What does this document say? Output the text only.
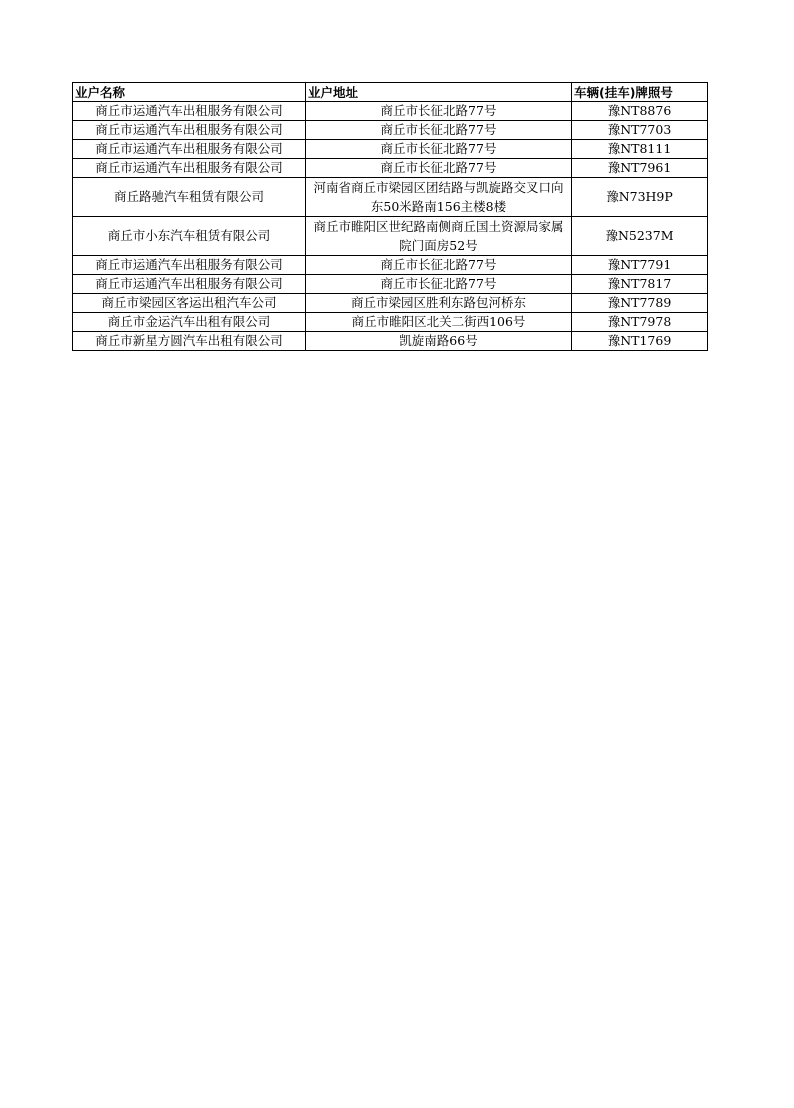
业户名称	业户地址	车辆(挂车)牌照号
商丘市运通汽车出租服务有限公司	商丘市长征北路77号	豫NT8876
商丘市运通汽车出租服务有限公司	商丘市长征北路77号	豫NT7703
商丘市运通汽车出租服务有限公司	商丘市长征北路77号	豫NT8111
商丘市运通汽车出租服务有限公司	商丘市长征北路77号	豫NT7961
商丘路驰汽车租赁有限公司	河南省商丘市梁园区团结路与凯旋路交叉口向东50米路南156主楼8楼	豫N73H9P
商丘市小东汽车租赁有限公司	商丘市睢阳区世纪路南侧商丘国土资源局家属院门面房52号	豫N5237M
商丘市运通汽车出租服务有限公司	商丘市长征北路77号	豫NT7791
商丘市运通汽车出租服务有限公司	商丘市长征北路77号	豫NT7817
商丘市梁园区客运出租汽车公司	商丘市梁园区胜利东路包河桥东	豫NT7789
商丘市金运汽车出租有限公司	商丘市睢阳区北关二街西106号	豫NT7978
商丘市新星方圆汽车出租有限公司	凯旋南路66号	豫NT1769
